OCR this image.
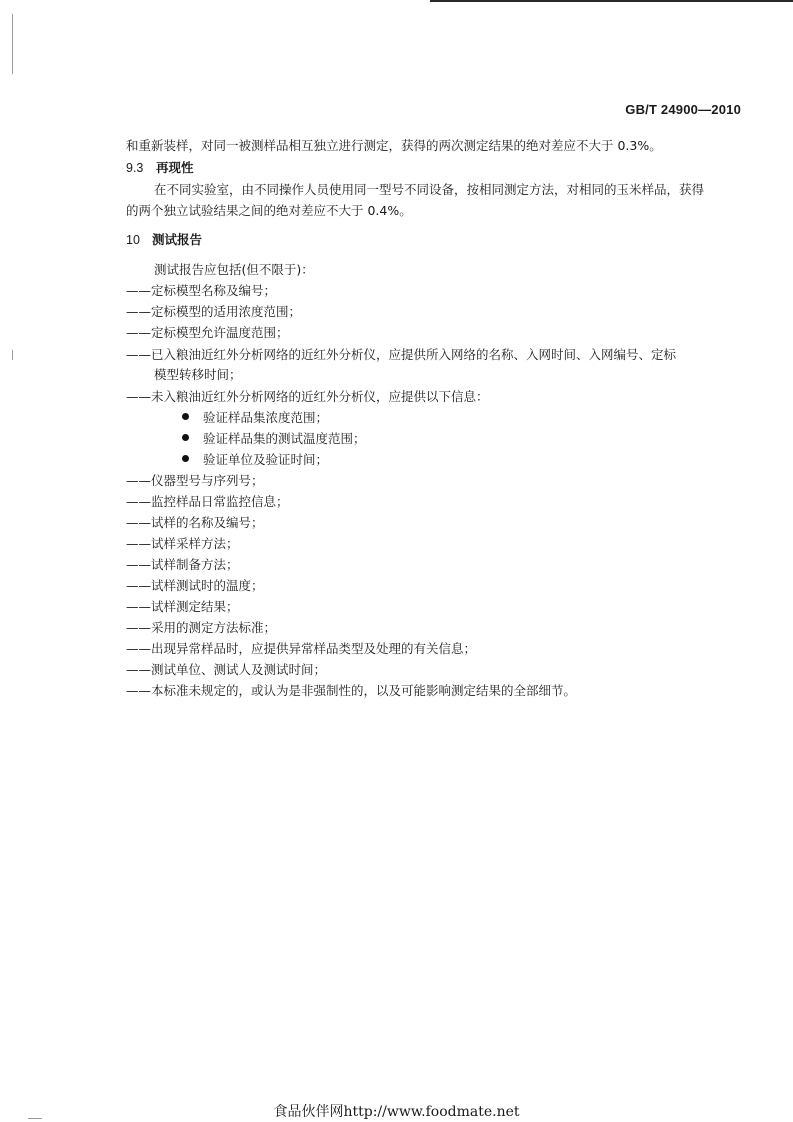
GB/T 24900—2010
和重新装样，对同一被测样品相互独立进行测定，获得的两次测定结果的绝对差应不大于 0.3%。
9.3 再现性
在不同实验室，由不同操作人员使用同一型号不同设备，按相同测定方法，对相同的玉米样品，获得
的两个独立试验结果之间的绝对差应不大于 0.4%。
10 测试报告
测试报告应包括(但不限于)：
——定标模型名称及编号；
——定标模型的适用浓度范围；
——定标模型允许温度范围；
——已入粮油近红外分析网络的近红外分析仪，应提供所入网络的名称、入网时间、入网编号、定标
模型转移时间；
——未入粮油近红外分析网络的近红外分析仪，应提供以下信息：
验证样品集浓度范围；
验证样品集的测试温度范围；
验证单位及验证时间；
——仪器型号与序列号；
——监控样品日常监控信息；
——试样的名称及编号；
——试样采样方法；
——试样制备方法；
——试样测试时的温度；
——试样测定结果；
——采用的测定方法标准；
——出现异常样品时，应提供异常样品类型及处理的有关信息；
——测试单位、测试人及测试时间；
——本标准未规定的，或认为是非强制性的，以及可能影响测定结果的全部细节。
食品伙伴网http://www.foodmate.net
